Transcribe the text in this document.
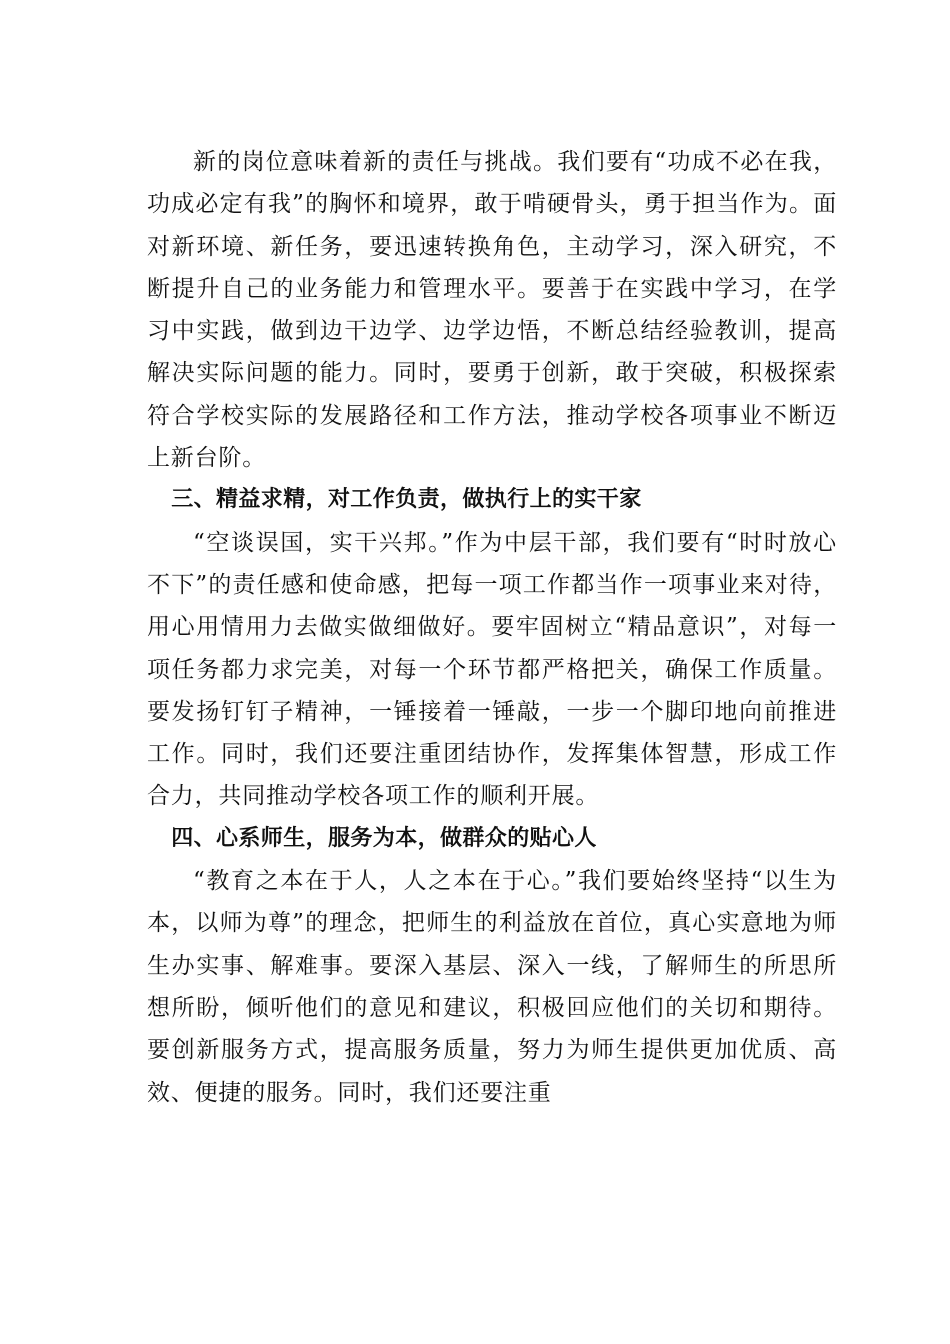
新的岗位意味着新的责任与挑战。我们要有“功成不必在我，功成必定有我”的胸怀和境界，敢于啃硬骨头，勇于担当作为。面对新环境、新任务，要迅速转换角色，主动学习，深入研究，不断提升自己的业务能力和管理水平。要善于在实践中学习，在学习中实践，做到边干边学、边学边悟，不断总结经验教训，提高解决实际问题的能力。同时，要勇于创新，敢于突破，积极探索符合学校实际的发展路径和工作方法，推动学校各项事业不断迈上新台阶。

三、精益求精，对工作负责，做执行上的实干家

“空谈误国，实干兴邦。”作为中层干部，我们要有“时时放心不下”的责任感和使命感，把每一项工作都当作一项事业来对待，用心用情用力去做实做细做好。要牢固树立“精品意识”，对每一项任务都力求完美，对每一个环节都严格把关，确保工作质量。要发扬钉钉子精神，一锤接着一锤敲，一步一个脚印地向前推进工作。同时，我们还要注重团结协作，发挥集体智慧，形成工作合力，共同推动学校各项工作的顺利开展。

四、心系师生，服务为本，做群众的贴心人

“教育之本在于人，人之本在于心。”我们要始终坚持“以生为本，以师为尊”的理念，把师生的利益放在首位，真心实意地为师生办实事、解难事。要深入基层、深入一线，了解师生的所思所想所盼，倾听他们的意见和建议，积极回应他们的关切和期待。要创新服务方式，提高服务质量，努力为师生提供更加优质、高效、便捷的服务。同时，我们还要注重
